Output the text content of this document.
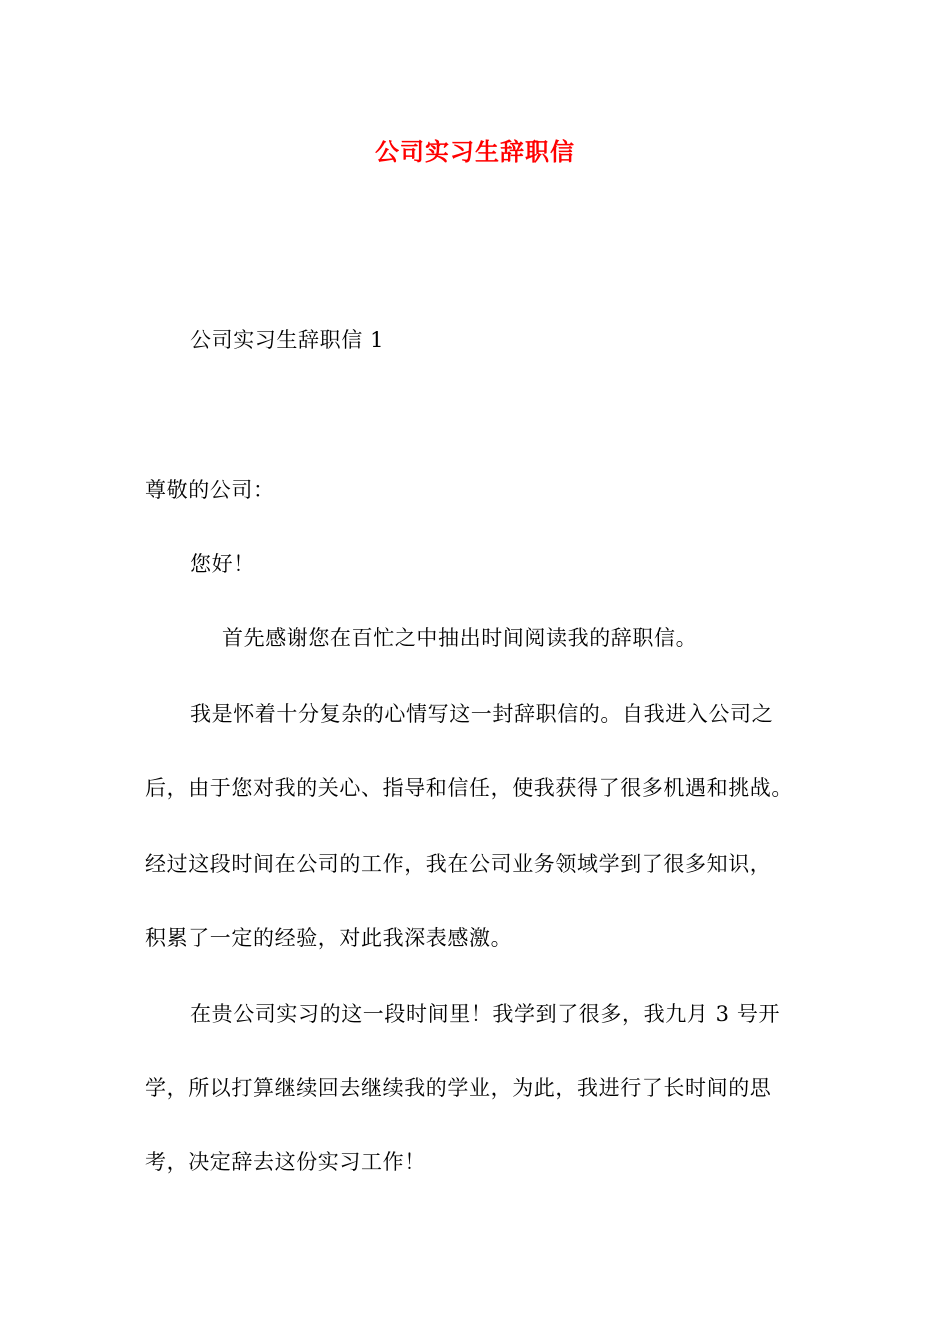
公司实习生辞职信
公司实习生辞职信 1
尊敬的公司：
您好！
首先感谢您在百忙之中抽出时间阅读我的辞职信。
我是怀着十分复杂的心情写这一封辞职信的。自我进入公司之
后，由于您对我的关心、指导和信任，使我获得了很多机遇和挑战。
经过这段时间在公司的工作，我在公司业务领域学到了很多知识，
积累了一定的经验，对此我深表感激。
在贵公司实习的这一段时间里！我学到了很多，我九月 3 号开
学，所以打算继续回去继续我的学业，为此，我进行了长时间的思
考，决定辞去这份实习工作！
